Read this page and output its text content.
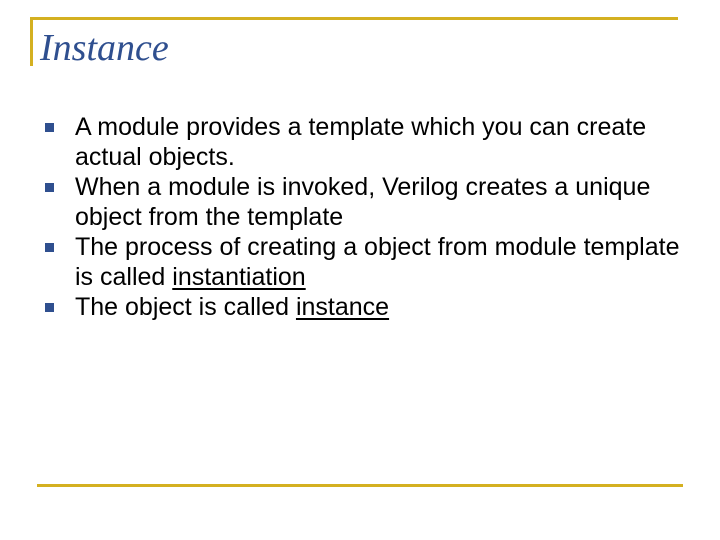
Instance
A module provides a template which you can create actual objects.
When a module is invoked, Verilog creates a unique object from the template
The process of creating a object from module template is called instantiation
The object is called instance
